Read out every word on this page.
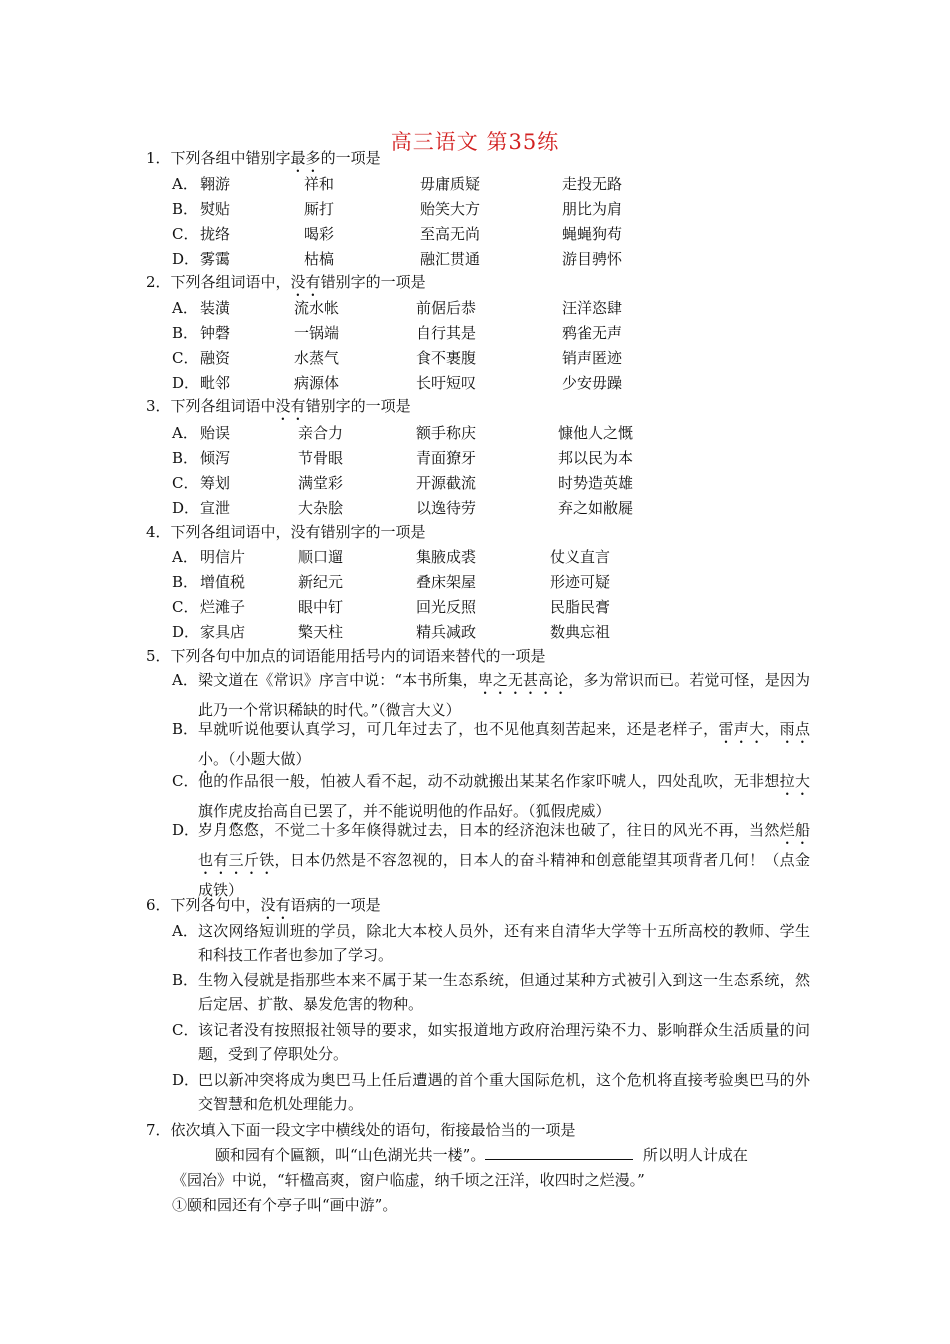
高三语文 第35练
1．下列各组中错别字最多的一项是
A． 翱游	祥和	毋庸质疑	走投无路
B． 熨贴	厮打	贻笑大方	朋比为肩
C． 拢络	喝彩	至高无尚	蝇蝇狗苟
D． 雾霭	枯槁	融汇贯通	游目骋怀
A． 装潢	流水帐	前倨后恭	汪洋恣肆
B． 钟磬	一锅端	自行其是	鸦雀无声
C． 融资	水蒸气	食不裹腹	销声匿迹
D． 毗邻	病源体	长吁短叹	少安毋躁
A． 贻误	亲合力	额手称庆	慷他人之慨
B． 倾泻	节骨眼	青面獠牙	邦以民为本
C． 筹划	满堂彩	开源截流	时势造英雄
D． 宣泄	大杂脍	以逸待劳	弃之如敝屣
A． 明信片	顺口遛	集腋成裘	仗义直言
B． 增值税	新纪元	叠床架屋	形迹可疑
C． 烂滩子	眼中钉	回光反照	民脂民膏
D． 家具店	檠天柱	精兵减政	数典忘祖
2．下列各组词语中，没有错别字的一项是
3．下列各组词语中没有错别字的一项是
4．下列各组词语中，没有错别字的一项是
5．下列各句中加点的词语能用括号内的词语来替代的一项是
A． 梁文道在《常识》序言中说：“本书所集，卑之无甚高论，多为常识而已。若觉可怪，是因为此乃一个常识稀缺的时代。”（微言大义）
B． 早就听说他要认真学习，可几年过去了，也不见他真刻苦起来，还是老样子，雷声大，雨点小。（小题大做）
C． 他的作品很一般，怕被人看不起，动不动就搬出某某名作家吓唬人，四处乱吹，无非想拉大旗作虎皮抬高自已罢了，并不能说明他的作品好。（狐假虎威）
D．
岁月悠悠，不觉二十多年倏得就过去，日本的经济泡沫也破了，往日的风光不再，当然烂船也有三斤铁，日本仍然是不容忽视的，日本人的奋斗精神和创意能望其项背者几何！（点金成铁）
6．下列各句中，没有语病的一项是
A． 这次网络短训班的学员，除北大本校人员外，还有来自清华大学等十五所高校的教师、学生和科技工作者也参加了学习。
B． 生物入侵就是指那些本来不属于某一生态系统，但通过某种方式被引入到这一生态系统，然后定居、扩散、暴发危害的物种。
C． 该记者没有按照报社领导的要求，如实报道地方政府治理污染不力、影响群众生活质量的问题，受到了停职处分。
D．
巴以新冲突将成为奥巴马上任后遭遇的首个重大国际危机，这个危机将直接考验奥巴马的外交智慧和危机处理能力。
7．依次填入下面一段文字中横线处的语句，衔接最恰当的一项是
颐和园有个匾额，叫“山色湖光共一楼”。	所以明人计成在
《园冶》中说，“轩楹高爽，窗户临虚，纳千顷之汪洋，收四时之烂漫。”
①颐和园还有个亭子叫“画中游”。
